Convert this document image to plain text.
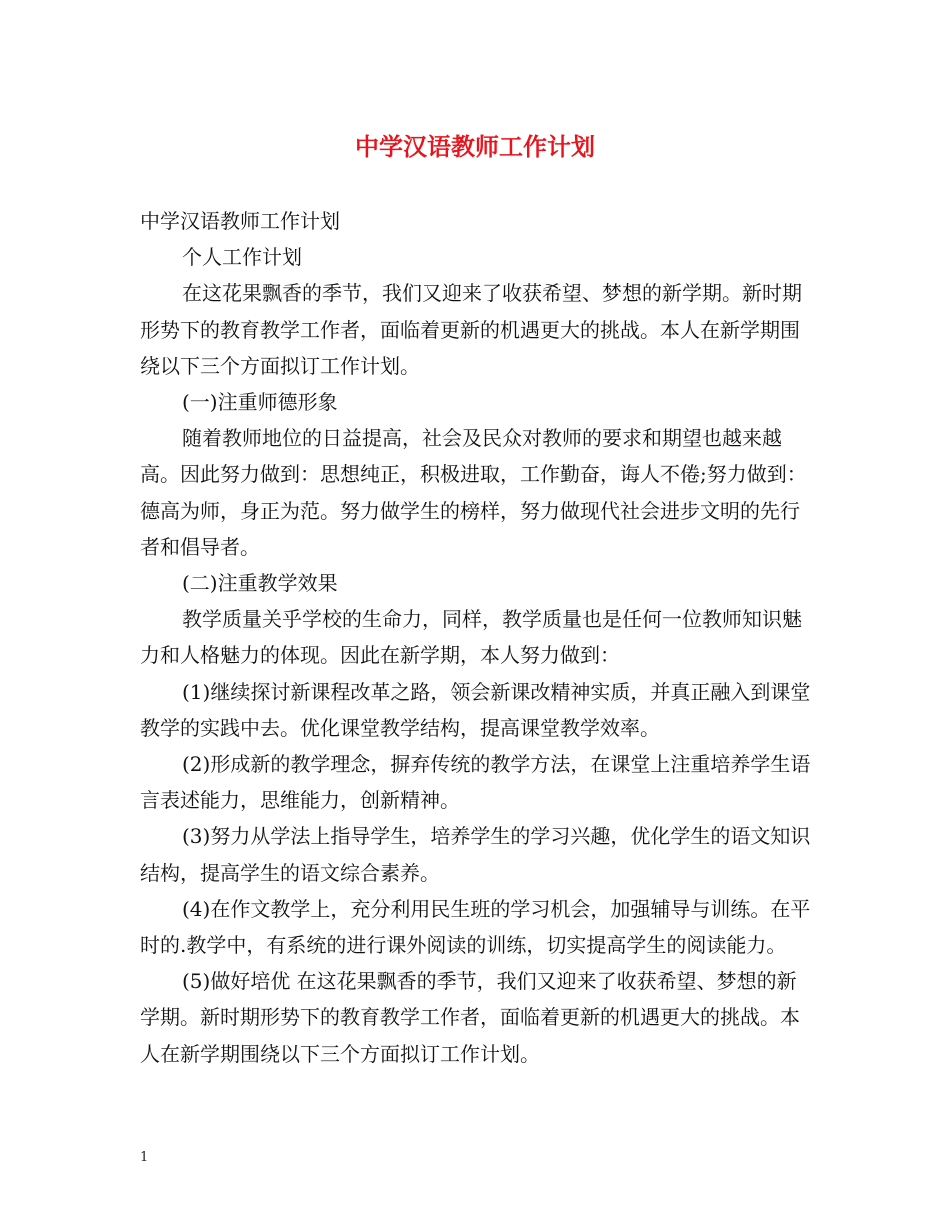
中学汉语教师工作计划

中学汉语教师工作计划

个人工作计划

在这花果飘香的季节，我们又迎来了收获希望、梦想的新学期。新时期形势下的教育教学工作者，面临着更新的机遇更大的挑战。本人在新学期围绕以下三个方面拟订工作计划。

(一)注重师德形象

随着教师地位的日益提高，社会及民众对教师的要求和期望也越来越高。因此努力做到：思想纯正，积极进取，工作勤奋，诲人不倦;努力做到：德高为师，身正为范。努力做学生的榜样，努力做现代社会进步文明的先行者和倡导者。

(二)注重教学效果

教学质量关乎学校的生命力，同样，教学质量也是任何一位教师知识魅力和人格魅力的体现。因此在新学期，本人努力做到：

(1)继续探讨新课程改革之路，领会新课改精神实质，并真正融入到课堂教学的实践中去。优化课堂教学结构，提高课堂教学效率。

(2)形成新的教学理念，摒弃传统的教学方法，在课堂上注重培养学生语言表述能力，思维能力，创新精神。

(3)努力从学法上指导学生，培养学生的学习兴趣，优化学生的语文知识结构，提高学生的语文综合素养。

(4)在作文教学上，充分利用民生班的学习机会，加强辅导与训练。在平时的.教学中，有系统的进行课外阅读的训练，切实提高学生的阅读能力。

(5)做好培优 在这花果飘香的季节，我们又迎来了收获希望、梦想的新学期。新时期形势下的教育教学工作者，面临着更新的机遇更大的挑战。本人在新学期围绕以下三个方面拟订工作计划。

1
